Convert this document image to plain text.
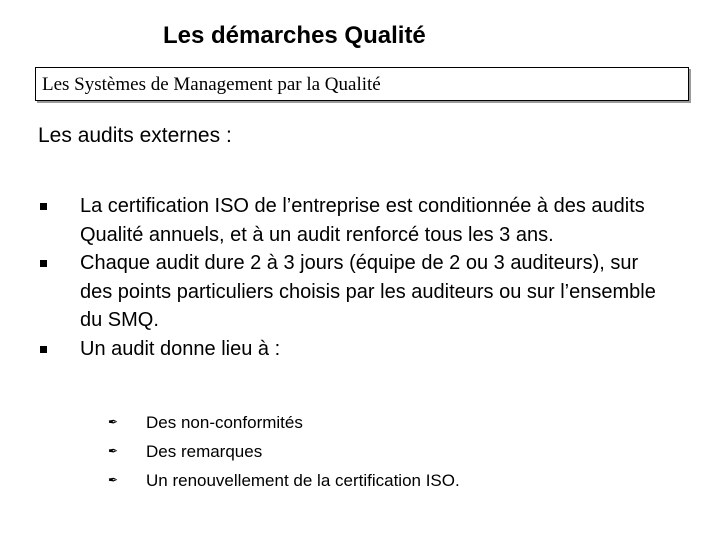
Les démarches Qualité
Les Systèmes de Management par la Qualité
Les audits externes :
La certification ISO de l’entreprise est conditionnée à des audits Qualité annuels, et à un audit renforcé tous les 3 ans.
Chaque audit dure 2 à 3 jours (équipe de 2 ou 3 auditeurs), sur des points particuliers choisis par les auditeurs ou sur l’ensemble du SMQ.
Un audit donne lieu à :
✒ Des non-conformités
✒ Des remarques
✒ Un renouvellement de la certification ISO.
